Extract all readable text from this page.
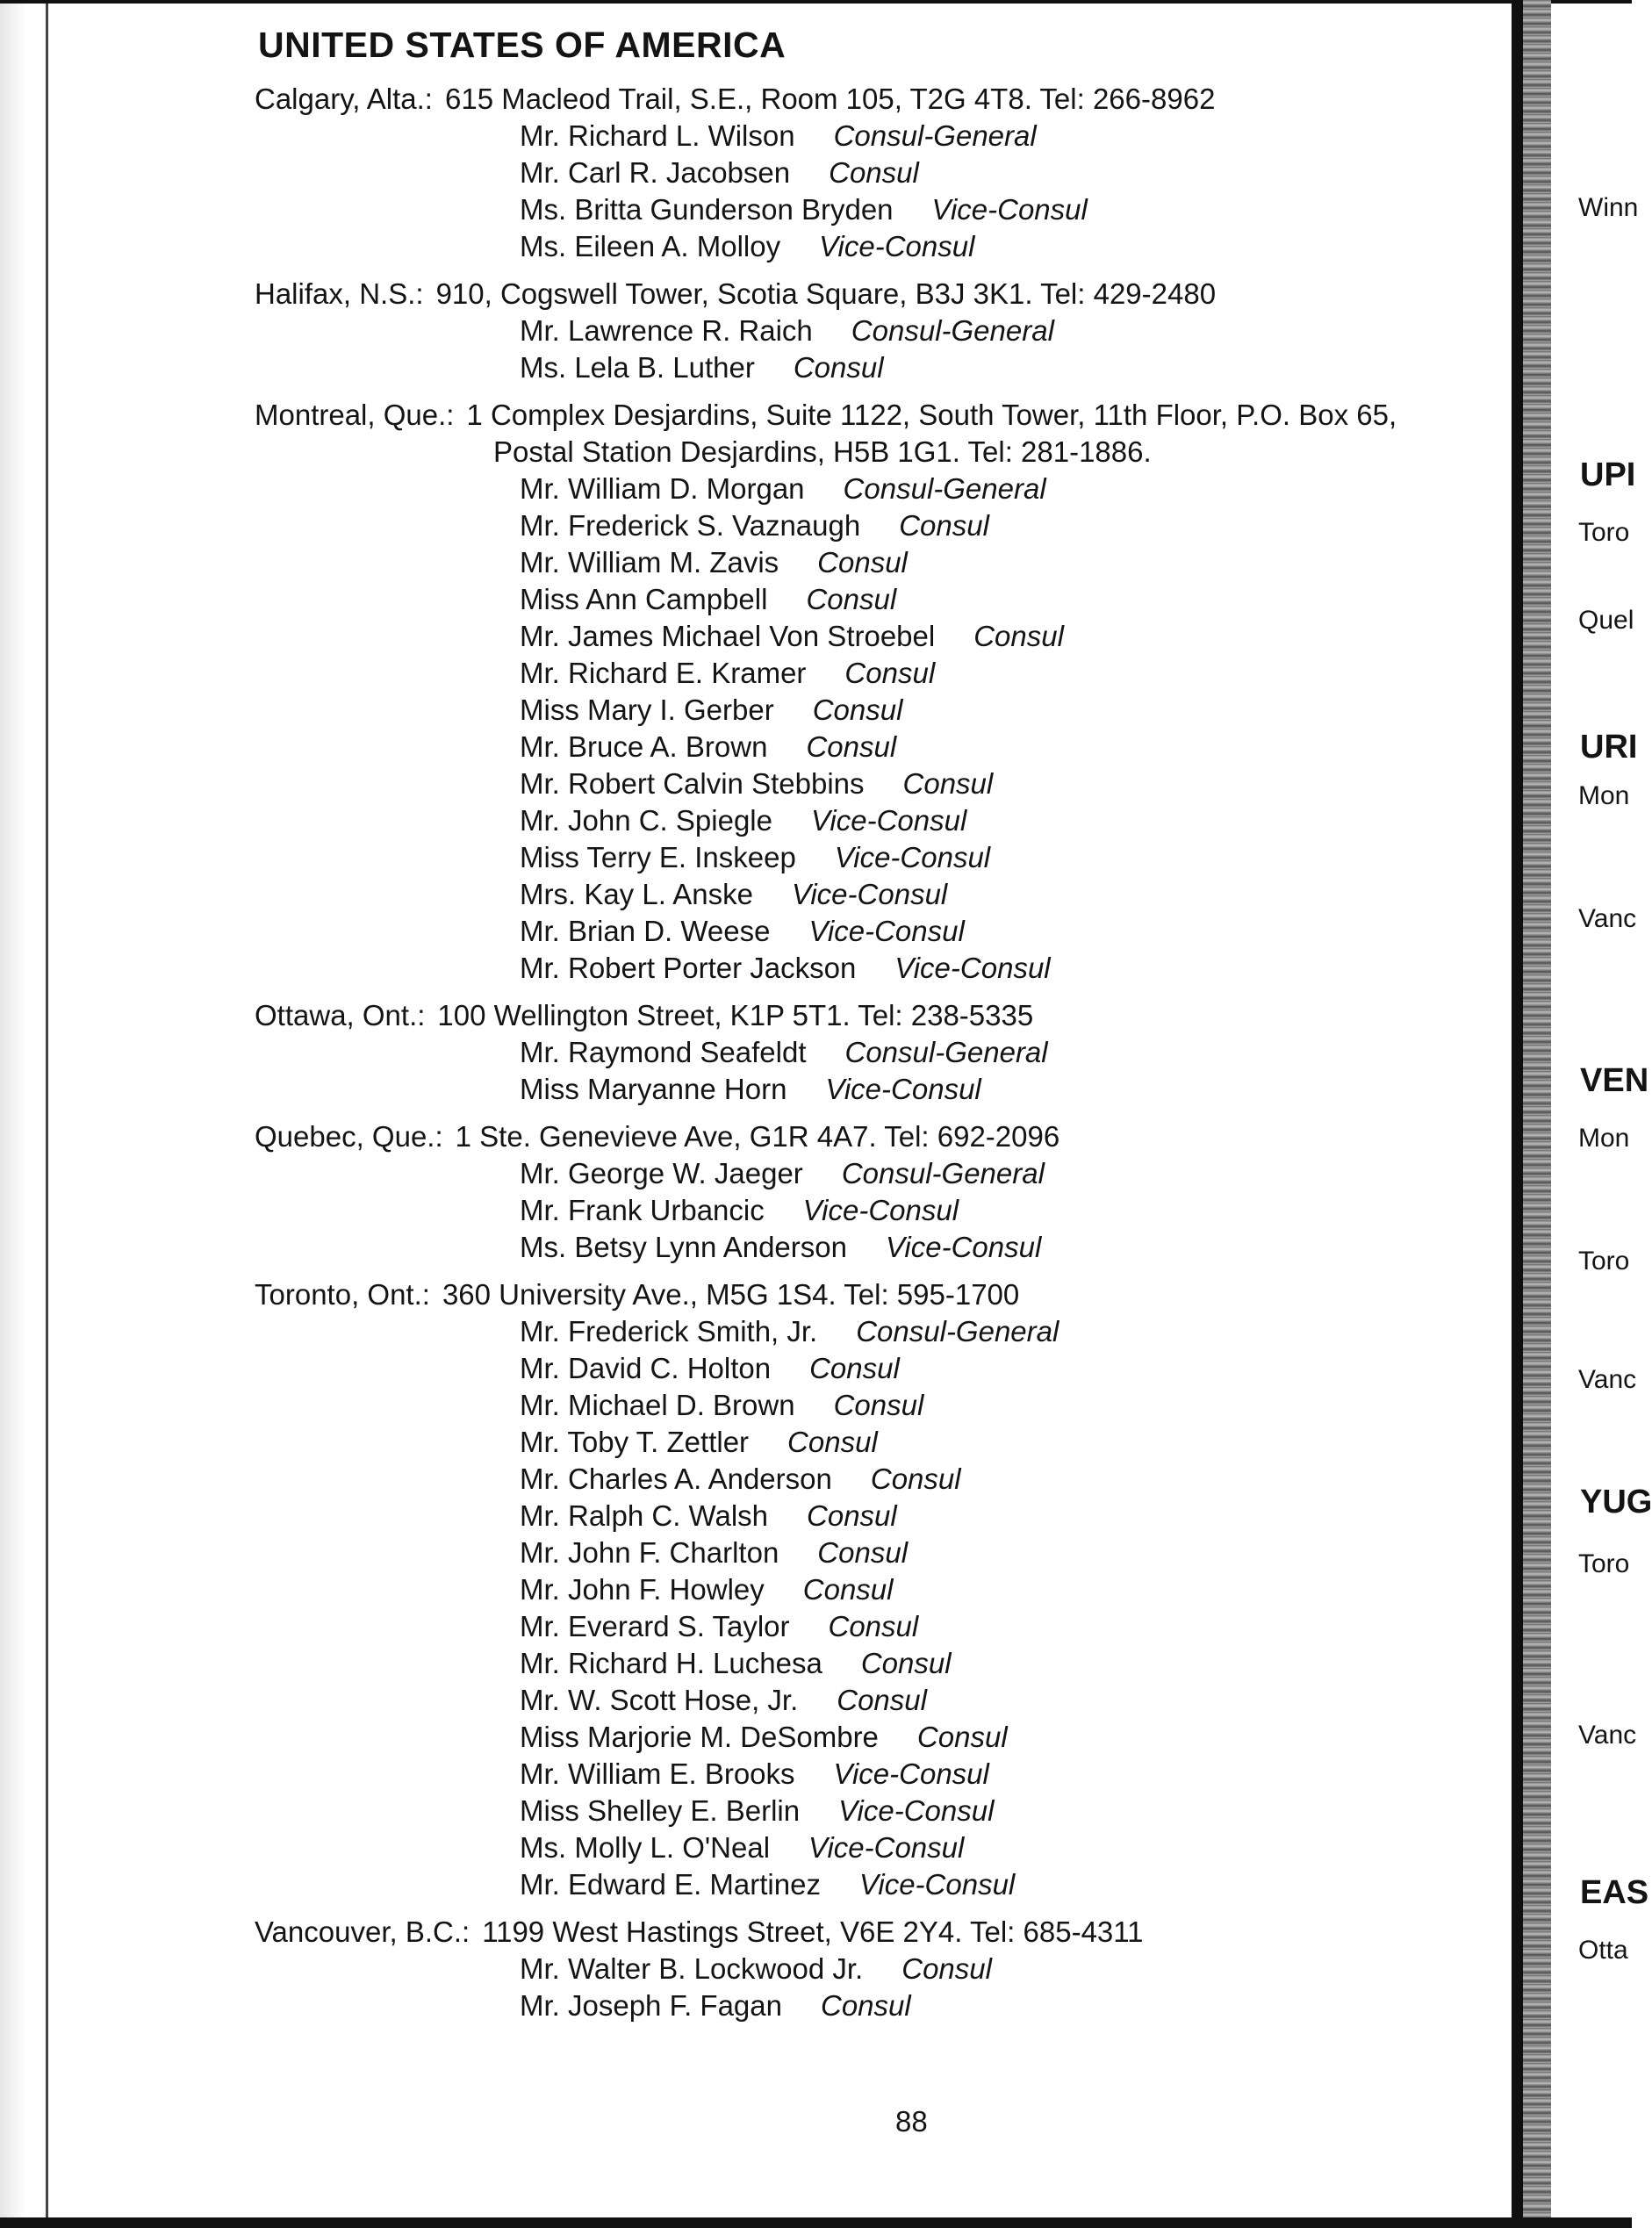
UNITED STATES OF AMERICA
Calgary, Alta.: 615 Macleod Trail, S.E., Room 105, T2G 4T8. Tel: 266-8962
Mr. Richard L. Wilson Consul-General
Mr. Carl R. Jacobsen Consul
Ms. Britta Gunderson Bryden Vice-Consul
Ms. Eileen A. Molloy Vice-Consul
Halifax, N.S.: 910, Cogswell Tower, Scotia Square, B3J 3K1. Tel: 429-2480
Mr. Lawrence R. Raich Consul-General
Ms. Lela B. Luther Consul
Montreal, Que.: 1 Complex Desjardins, Suite 1122, South Tower, 11th Floor, P.O. Box 65,
Postal Station Desjardins, H5B 1G1. Tel: 281-1886.
Mr. William D. Morgan Consul-General
Mr. Frederick S. Vaznaugh Consul
Mr. William M. Zavis Consul
Miss Ann Campbell Consul
Mr. James Michael Von Stroebel Consul
Mr. Richard E. Kramer Consul
Miss Mary I. Gerber Consul
Mr. Bruce A. Brown Consul
Mr. Robert Calvin Stebbins Consul
Mr. John C. Spiegle Vice-Consul
Miss Terry E. Inskeep Vice-Consul
Mrs. Kay L. Anske Vice-Consul
Mr. Brian D. Weese Vice-Consul
Mr. Robert Porter Jackson Vice-Consul
Ottawa, Ont.: 100 Wellington Street, K1P 5T1. Tel: 238-5335
Mr. Raymond Seafeldt Consul-General
Miss Maryanne Horn Vice-Consul
Quebec, Que.: 1 Ste. Genevieve Ave, G1R 4A7. Tel: 692-2096
Mr. George W. Jaeger Consul-General
Mr. Frank Urbancic Vice-Consul
Ms. Betsy Lynn Anderson Vice-Consul
Toronto, Ont.: 360 University Ave., M5G 1S4. Tel: 595-1700
Mr. Frederick Smith, Jr. Consul-General
Mr. David C. Holton Consul
Mr. Michael D. Brown Consul
Mr. Toby T. Zettler Consul
Mr. Charles A. Anderson Consul
Mr. Ralph C. Walsh Consul
Mr. John F. Charlton Consul
Mr. John F. Howley Consul
Mr. Everard S. Taylor Consul
Mr. Richard H. Luchesa Consul
Mr. W. Scott Hose, Jr. Consul
Miss Marjorie M. DeSombre Consul
Mr. William E. Brooks Vice-Consul
Miss Shelley E. Berlin Vice-Consul
Ms. Molly L. O'Neal Vice-Consul
Mr. Edward E. Martinez Vice-Consul
Vancouver, B.C.: 1199 West Hastings Street, V6E 2Y4. Tel: 685-4311
Mr. Walter B. Lockwood Jr. Consul
Mr. Joseph F. Fagan Consul
88
Winn
UPI
Toro
Quel
URI
Mon
Vanc
VEN
Mon
Toro
Vanc
YUG
Toro
Vanc
EAS
Otta
